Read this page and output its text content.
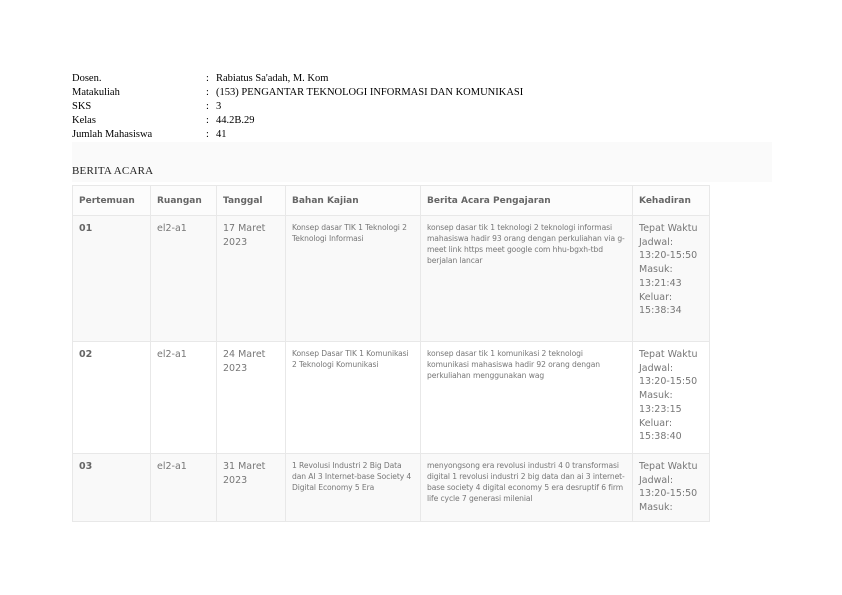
Dosen.	: Rabiatus Sa'adah, M. Kom
Matakuliah	: (153) PENGANTAR TEKNOLOGI INFORMASI DAN KOMUNIKASI
SKS	: 3
Kelas	: 44.2B.29
Jumlah Mahasiswa	: 41
BERITA ACARA
Pertemuan	Ruangan	Tanggal	Bahan Kajian	Berita Acara Pengajaran	Kehadiran
01	el2-a1	17 Maret 2023	Konsep dasar TIK 1 Teknologi 2 Teknologi Informasi	konsep dasar tik 1 teknologi 2 teknologi informasi mahasiswa hadir 93 orang dengan perkuliahan via g-meet link https meet google com hhu-bgxh-tbd berjalan lancar	Tepat Waktu
Jadwal: 13:20-15:50
Masuk: 13:21:43
Keluar: 15:38:34

02	el2-a1	24 Maret 2023	Konsep Dasar TIK 1 Komunikasi 2 Teknologi Komunikasi	konsep dasar tik 1 komunikasi 2 teknologi komunikasi mahasiswa hadir 92 orang dengan perkuliahan menggunakan wag	Tepat Waktu
Jadwal: 13:20-15:50
Masuk: 13:23:15
Keluar: 15:38:40

03	el2-a1	31 Maret 2023	1 Revolusi Industri 2 Big Data dan AI 3 Internet-base Society 4 Digital Economy 5 Era	menyongsong era revolusi industri 4 0 transformasi digital 1 revolusi industri 2 big data dan ai 3 internet-base society 4 digital economy 5 era desruptif 6 firm life cycle 7 generasi milenial	Tepat Waktu
Jadwal: 13:20-15:50
Masuk:
